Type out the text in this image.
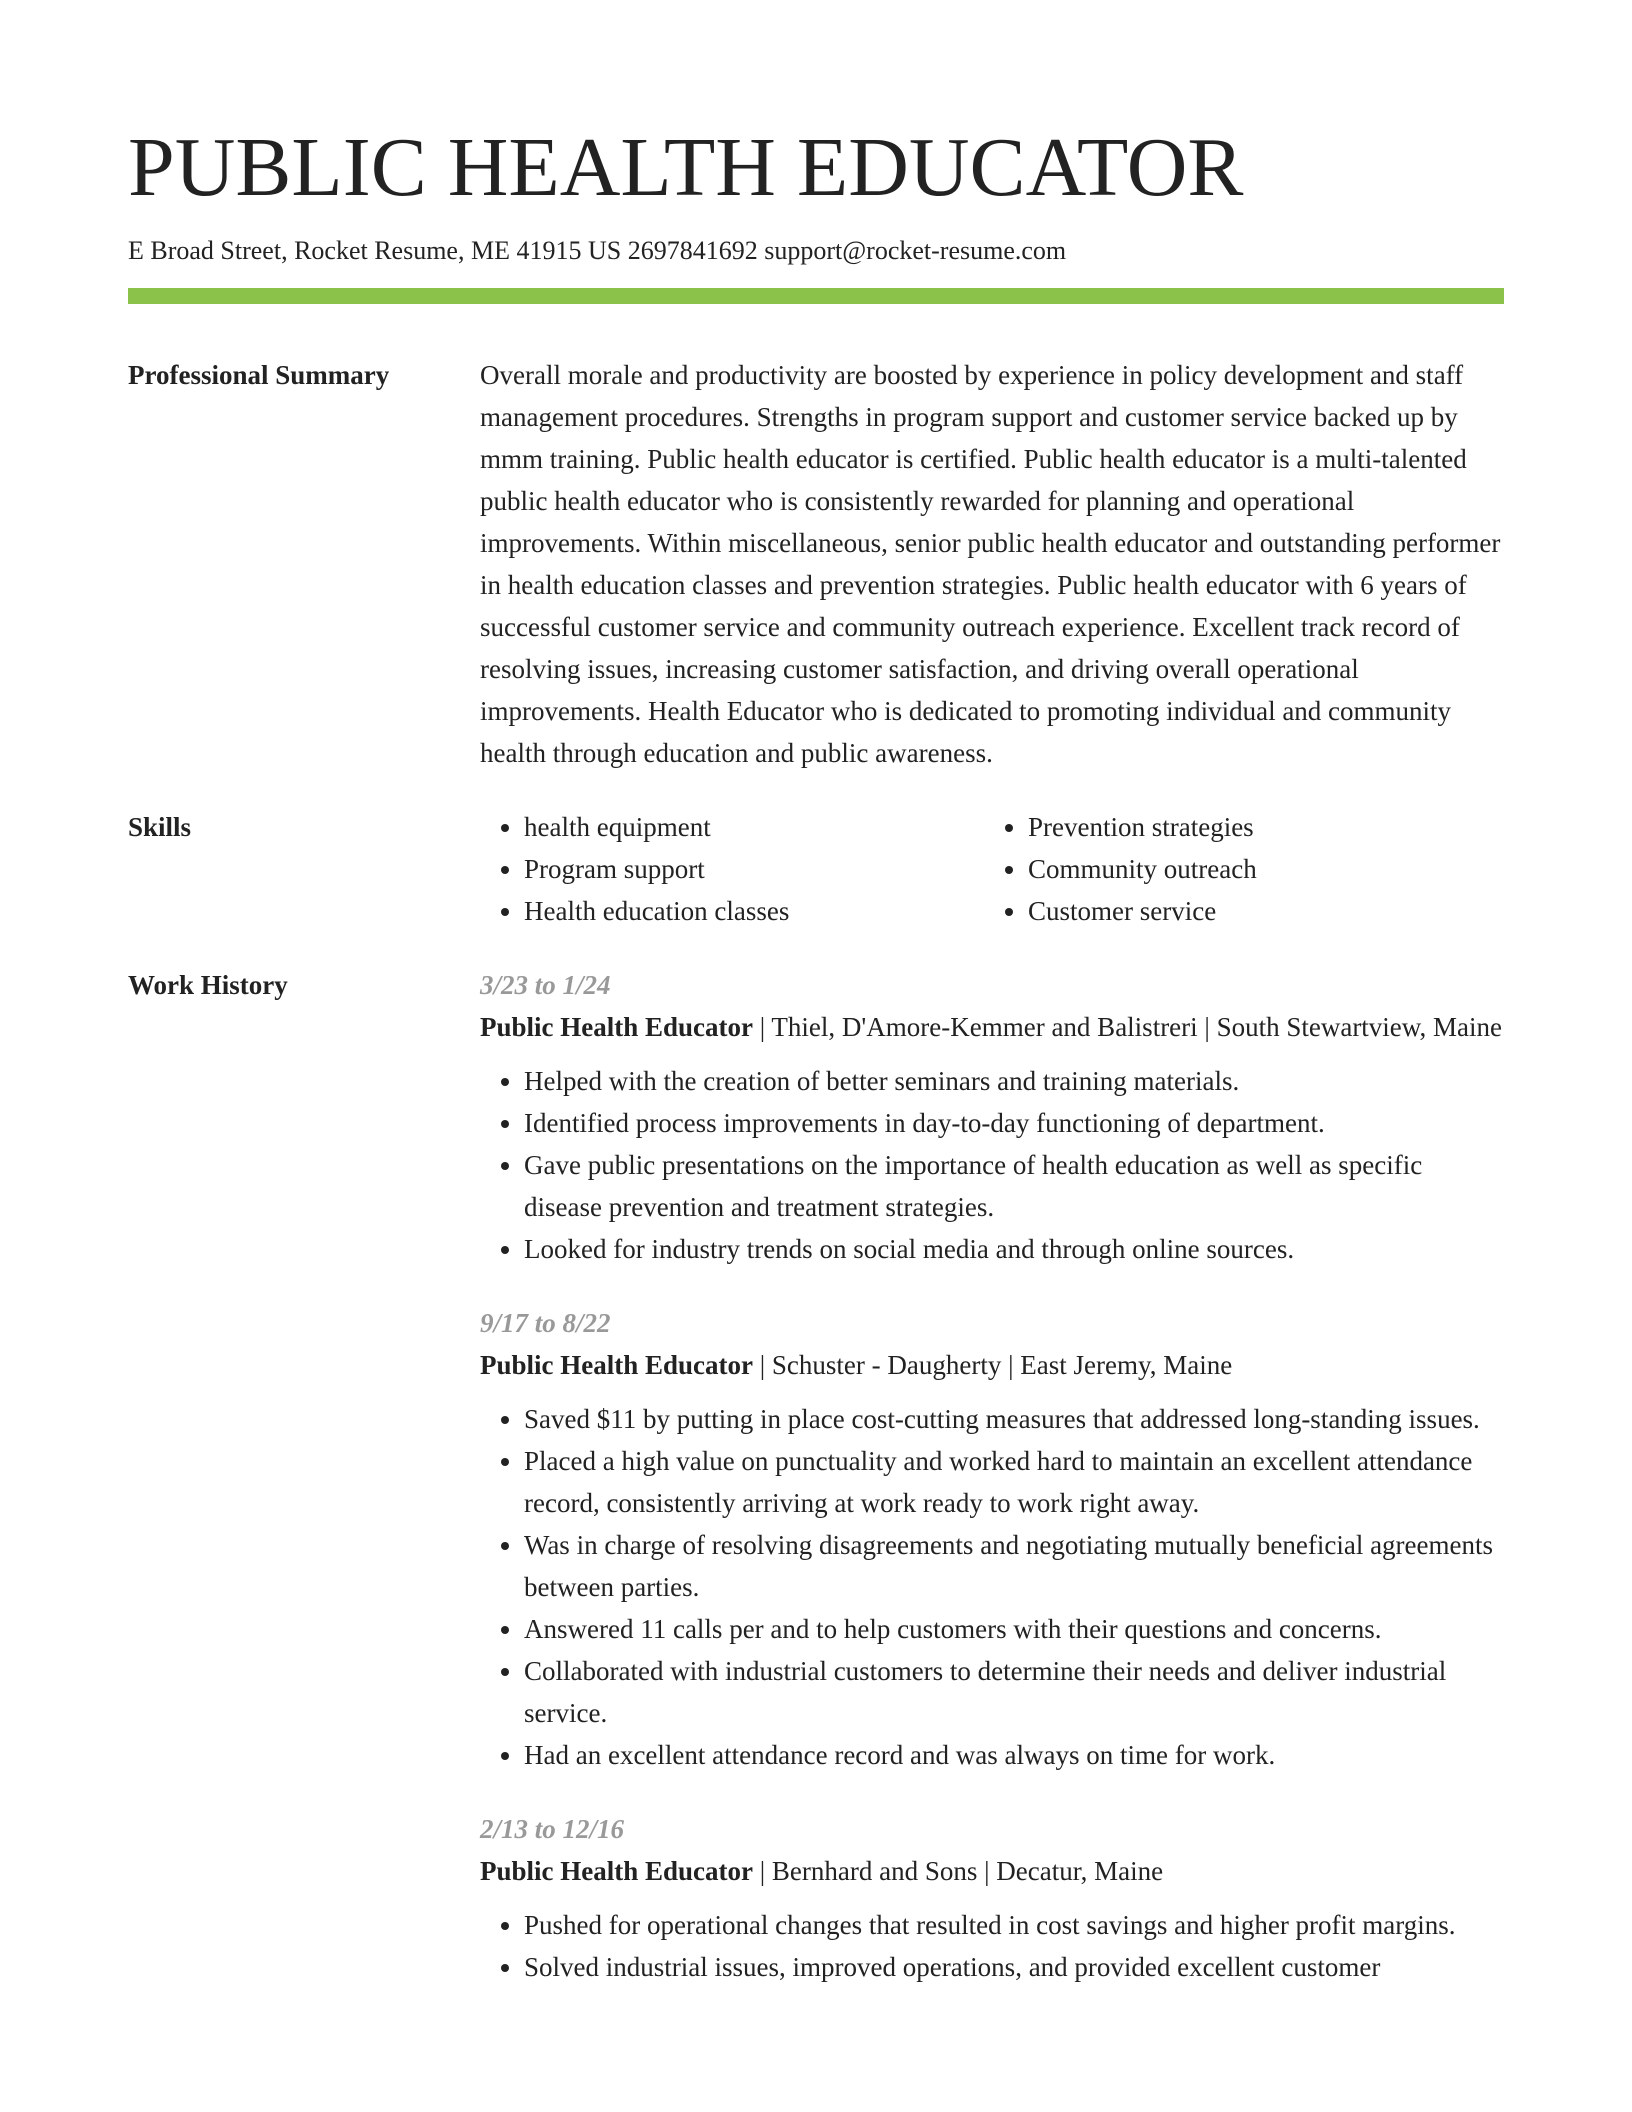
PUBLIC HEALTH EDUCATOR
E Broad Street, Rocket Resume, ME 41915 US 2697841692 support@rocket-resume.com
Professional Summary	Overall morale and productivity are boosted by experience in policy development and staff management procedures. Strengths in program support and customer service backed up by mmm training. Public health educator is certified. Public health educator is a multi-talented public health educator who is consistently rewarded for planning and operational improvements. Within miscellaneous, senior public health educator and outstanding performer in health education classes and prevention strategies. Public health educator with 6 years of successful customer service and community outreach experience. Excellent track record of resolving issues, increasing customer satisfaction, and driving overall operational improvements. Health Educator who is dedicated to promoting individual and community health through education and public awareness.

Skills
•	health equipment
• Program support
• Health education classes
• Prevention strategies
• Community outreach
• Customer service
Work History	3/23 to 1/24

Public Health Educator | Thiel, D'Amore-Kemmer and Balistreri | South Stewartview, Maine

• Helped with the creation of better seminars and training materials.
• Identified process improvements in day-to-day functioning of department.
• Gave public presentations on the importance of health education as well as specific disease prevention and treatment strategies.
• Looked for industry trends on social media and through online sources.
9/17 to 8/22

Public Health Educator | Schuster - Daugherty | East Jeremy, Maine

• Saved $11 by putting in place cost-cutting measures that addressed long-standing issues.
• Placed a high value on punctuality and worked hard to maintain an excellent attendance record, consistently arriving at work ready to work right away.
• Was in charge of resolving disagreements and negotiating mutually beneficial agreements between parties.
• Answered 11 calls per and to help customers with their questions and concerns.
• Collaborated with industrial customers to determine their needs and deliver industrial service.
• Had an excellent attendance record and was always on time for work.
2/13 to 12/16

Public Health Educator | Bernhard and Sons | Decatur, Maine

• Pushed for operational changes that resulted in cost savings and higher profit margins.
• Solved industrial issues, improved operations, and provided excellent customer
